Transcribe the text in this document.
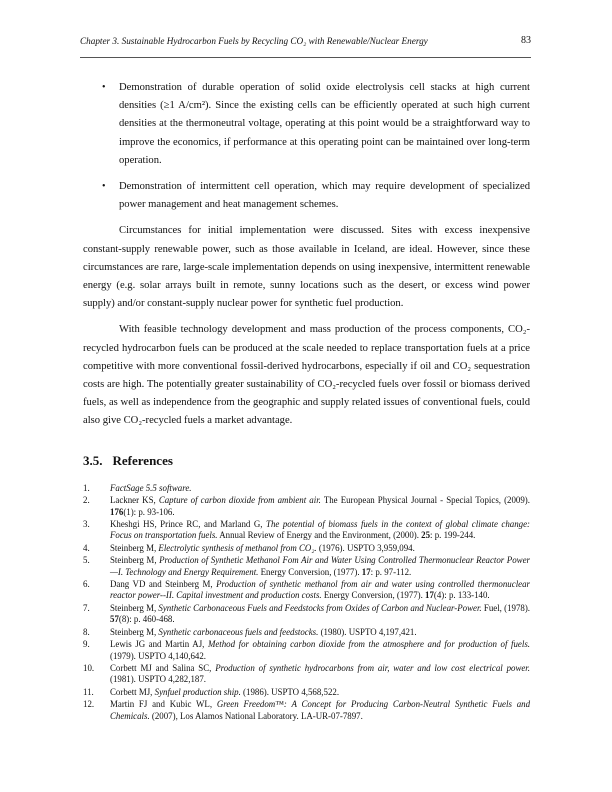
Chapter 3. Sustainable Hydrocarbon Fuels by Recycling CO₂ with Renewable/Nuclear Energy	83
• Demonstration of durable operation of solid oxide electrolysis cell stacks at high current densities (≥1 A/cm²). Since the existing cells can be efficiently operated at such high current densities at the thermoneutral voltage, operating at this point would be a straightforward way to improve the economics, if performance at this operating point can be maintained over long-term operation.
• Demonstration of intermittent cell operation, which may require development of specialized power management and heat management schemes.

Circumstances for initial implementation were discussed. Sites with excess inexpensive constant-supply renewable power, such as those available in Iceland, are ideal. However, since these circumstances are rare, large-scale implementation depends on using inexpensive, intermittent renewable energy (e.g. solar arrays built in remote, sunny locations such as the desert, or excess wind power supply) and/or constant-supply nuclear power for synthetic fuel production.

With feasible technology development and mass production of the process components, CO₂-recycled hydrocarbon fuels can be produced at the scale needed to replace transportation fuels at a price competitive with more conventional fossil-derived hydrocarbons, especially if oil and CO₂ sequestration costs are high. The potentially greater sustainability of CO₂-recycled fuels over fossil or biomass derived fuels, as well as independence from the geographic and supply related issues of conventional fuels, could also give CO₂-recycled fuels a market advantage.

3.5. References
1. FactSage 5.5 software.
2. Lackner KS, Capture of carbon dioxide from ambient air. The European Physical Journal - Special Topics, (2009). 176(1): p. 93-106.
3. Kheshgi HS, Prince RC, and Marland G, The potential of biomass fuels in the context of global climate change: Focus on transportation fuels. Annual Review of Energy and the Environment, (2000). 25: p. 199-244.
4. Steinberg M, Electrolytic synthesis of methanol from CO₂. (1976). USPTO 3,959,094.
5. Steinberg M, Production of Synthetic Methanol Fom Air and Water Using Controlled Thermonuclear Reactor Power—I. Technology and Energy Requirement. Energy Conversion, (1977). 17: p. 97-112.
6. Dang VD and Steinberg M, Production of synthetic methanol from air and water using controlled thermonuclear reactor power--II. Capital investment and production costs. Energy Conversion, (1977). 17(4): p. 133-140.
7. Steinberg M, Synthetic Carbonaceous Fuels and Feedstocks from Oxides of Carbon and Nuclear-Power. Fuel, (1978). 57(8): p. 460-468.
8. Steinberg M, Synthetic carbonaceous fuels and feedstocks. (1980). USPTO 4,197,421.
9. Lewis JG and Martin AJ, Method for obtaining carbon dioxide from the atmosphere and for production of fuels. (1979). USPTO 4,140,642.
10. Corbett MJ and Salina SC, Production of synthetic hydrocarbons from air, water and low cost electrical power. (1981). USPTO 4,282,187.
11. Corbett MJ, Synfuel production ship. (1986). USPTO 4,568,522.
12. Martin FJ and Kubic WL, Green Freedom™: A Concept for Producing Carbon-Neutral Synthetic Fuels and Chemicals. (2007), Los Alamos National Laboratory. LA-UR-07-7897.
